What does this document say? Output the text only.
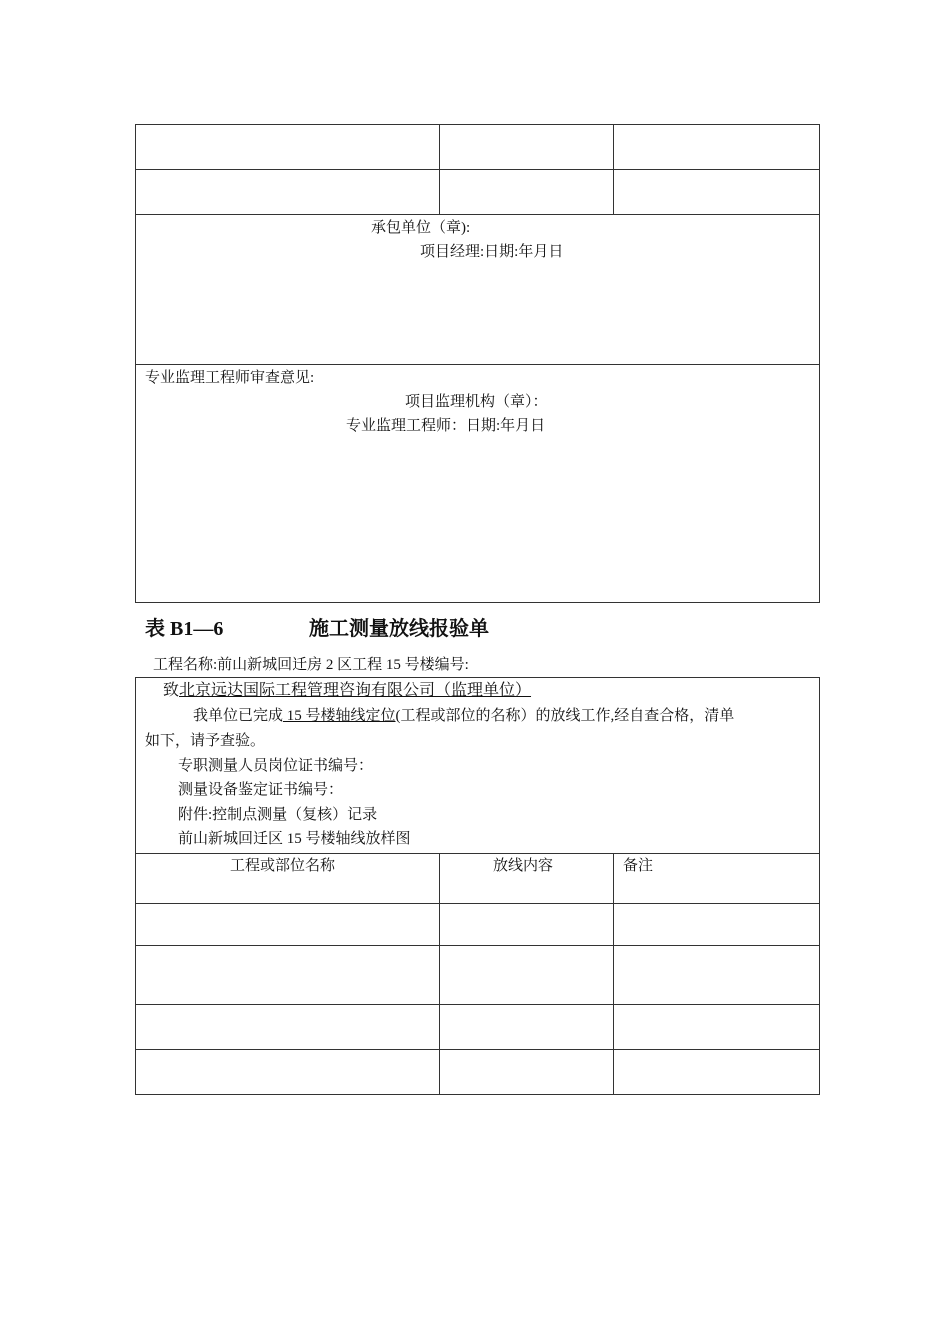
承包单位（章):
项目经理:日期:年月日
专业监理工程师审查意见:
项目监理机构（章）：
专业监理工程师：日期:年月日
表 B1—6	施工测量放线报验单
工程名称:前山新城回迁房 2 区工程 15 号楼编号:
致北京远达国际工程管理咨询有限公司（监理单位）
我单位已完成 15 号楼轴线定位(工程或部位的名称）的放线工作,经自查合格，清单
如下，请予查验。
专职测量人员岗位证书编号：
测量设备鉴定证书编号：
附件:控制点测量（复核）记录
前山新城回迁区 15 号楼轴线放样图
工程或部位名称	放线内容	备注
